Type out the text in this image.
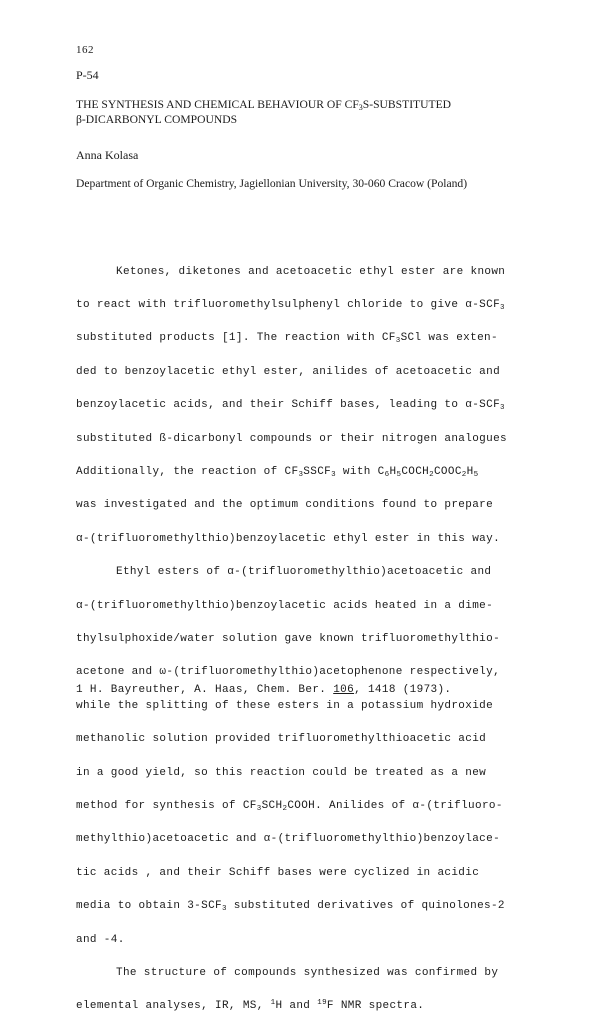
162
P-54
THE SYNTHESIS AND CHEMICAL BEHAVIOUR OF $CF_3S$-SUBSTITUTED
β-DICARBONYL COMPOUNDS
Anna Kolasa
Department of Organic Chemistry, Jagiellonian University, 30-060 Cracow (Poland)

Ketones, diketones and acetoacetic ethyl ester are known

to react with trifluoromethylsulphenyl chloride to give $\alpha-SCF_3$

substituted products [1]. The reaction with $CF_3SCl$ was exten-

ded to benzoylacetic ethyl ester, anilides of acetoacetic and

benzoylacetic acids, and their Schiff bases, leading to $\alpha-SCF_3$

substituted ß-dicarbonyl compounds or their nitrogen analogues

Additionally, the reaction of $CF_3SSCF_3$ with $C_6H_5COCH_2COOC_2H_5$

was investigated and the optimum conditions found to prepare

α-(trifluoromethylthio)benzoylacetic ethyl ester in this way.

Ethyl esters of α-(trifluoromethylthio)acetoacetic and

α-(trifluoromethylthio)benzoylacetic acids heated in a dime-

thylsulphoxide/water solution gave known trifluoromethylthio-

acetone and ω-(trifluoromethylthio)acetophenone respectively,

while the splitting of these esters in a potassium hydroxide

methanolic solution provided trifluoromethylthioacetic acid

in a good yield, so this reaction could be treated as a new

method for synthesis of $CF_3SCH_2COOH$. Anilides of α-(trifluoro-

methylthio)acetoacetic and α-(trifluoromethylthio)benzoylace-

tic acids , and their Schiff bases were cyclized in acidic

media to obtain $3-SCF_3$ substituted derivatives of quinolones-2

and -4.

The structure of compounds synthesized was confirmed by

elemental analyses, IR, MS, $^1$H and $^{19}$F NMR spectra.

1 H. Bayreuther, A. Haas, Chem. Ber. 106, 1418 (1973).
